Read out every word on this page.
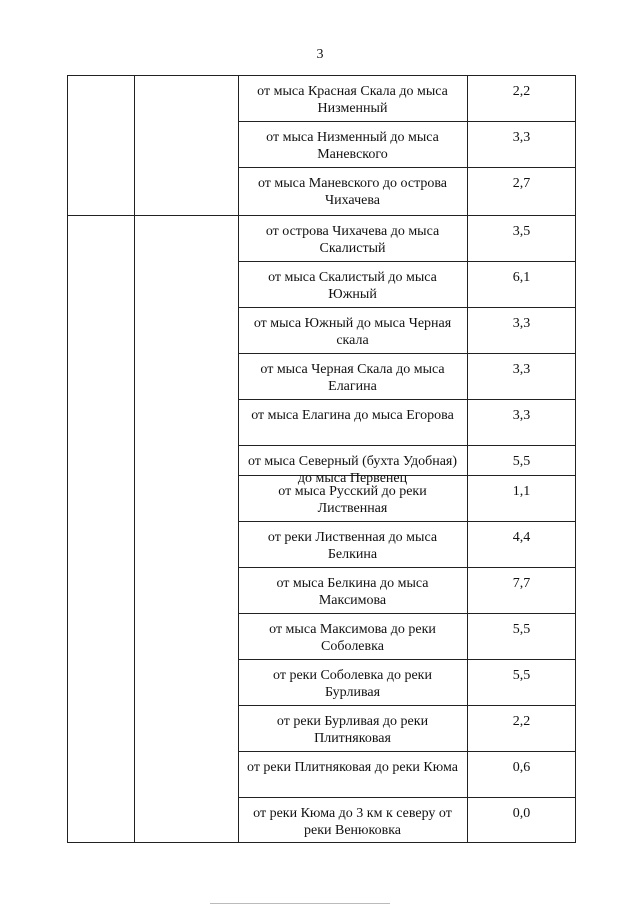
3
от мыса Красная Скала до мыса Низменный
2,2
от мыса Низменный до мыса Маневского
3,3
от мыса Маневского до острова Чихачева
2,7
от острова Чихачева до мыса Скалистый
3,5
от мыса Скалистый до мыса Южный
6,1
от мыса Южный до мыса Черная скала
3,3
от мыса Черная Скала до мыса Елагина
3,3
от мыса Елагина до мыса Егорова	3,3
от мыса Северный (бухта Удобная) до мыса Первенец
5,5
от мыса Русский до реки Лиственная
1,1
от реки Лиственная до мыса Белкина
4,4
от мыса Белкина до мыса Максимова
7,7
от мыса Максимова до реки Соболевка
5,5
от реки Соболевка до реки Бурливая
5,5
от реки Бурливая до реки Плитняковая
2,2
от реки Плитняковая до реки Кюма	0,6
от реки Кюма до 3 км к северу от реки Венюковка
0,0
